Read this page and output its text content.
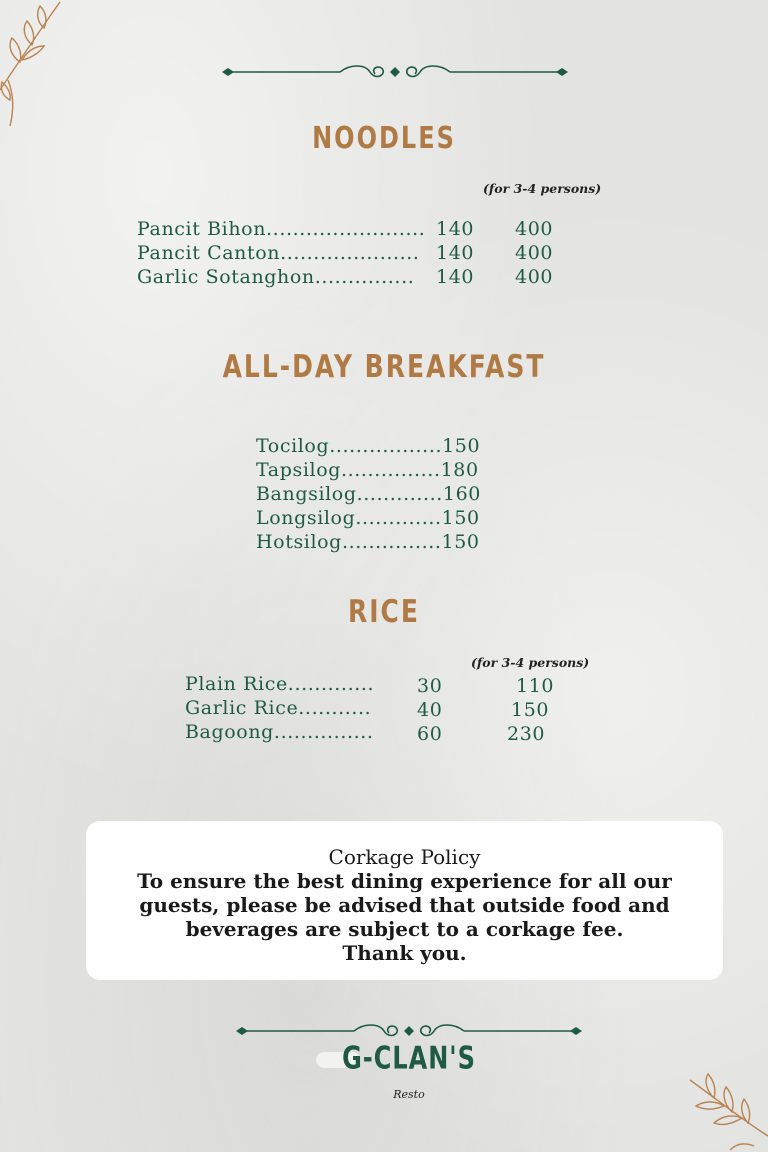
NOODLES
(for 3-4 persons)
Pancit Bihon........................ 140 400
Pancit Canton..................... 140 400
Garlic Sotanghon............... 140 400
ALL-DAY BREAKFAST
Tocilog.................150
Tapsilog...............180
Bangsilog.............160
Longsilog.............150
Hotsilog...............150
RICE
(for 3-4 persons)
Plain Rice............. 30	110
Garlic Rice........... 40	150
Bagoong............... 60	230
Corkage Policy
To ensure the best dining experience for all our
guests, please be advised that outside food and
beverages are subject to a corkage fee.
Thank you.
G-CLAN'S
Resto
